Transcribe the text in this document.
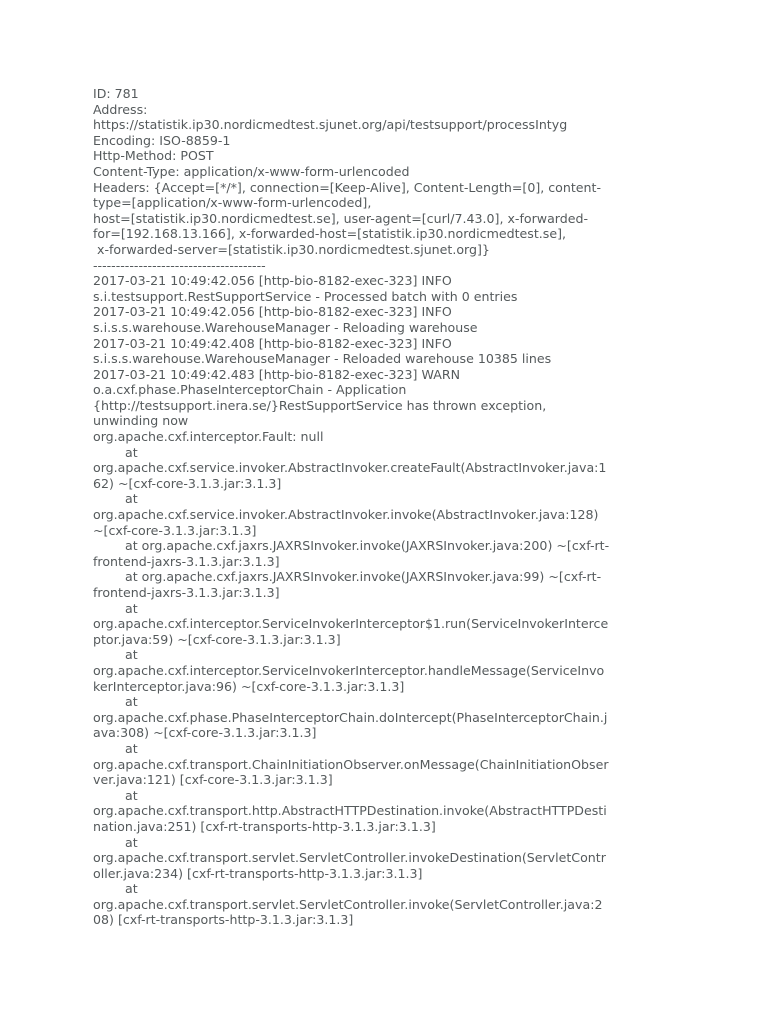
ID: 781
Address:
https://statistik.ip30.nordicmedtest.sjunet.org/api/testsupport/processIntyg
Encoding: ISO-8859-1
Http-Method: POST
Content-Type: application/x-www-form-urlencoded
Headers: {Accept=[*/*], connection=[Keep-Alive], Content-Length=[0], content-
type=[application/x-www-form-urlencoded],
host=[statistik.ip30.nordicmedtest.se], user-agent=[curl/7.43.0], x-forwarded-
for=[192.168.13.166], x-forwarded-host=[statistik.ip30.nordicmedtest.se],
x-forwarded-server=[statistik.ip30.nordicmedtest.sjunet.org]}
--------------------------------------
2017-03-21 10:49:42.056 [http-bio-8182-exec-323] INFO
s.i.testsupport.RestSupportService - Processed batch with 0 entries
2017-03-21 10:49:42.056 [http-bio-8182-exec-323] INFO
s.i.s.s.warehouse.WarehouseManager - Reloading warehouse
2017-03-21 10:49:42.408 [http-bio-8182-exec-323] INFO
s.i.s.s.warehouse.WarehouseManager - Reloaded warehouse 10385 lines
2017-03-21 10:49:42.483 [http-bio-8182-exec-323] WARN
o.a.cxf.phase.PhaseInterceptorChain - Application
{http://testsupport.inera.se/}RestSupportService has thrown exception,
unwinding now
org.apache.cxf.interceptor.Fault: null
at
org.apache.cxf.service.invoker.AbstractInvoker.createFault(AbstractInvoker.java:1
62) ~[cxf-core-3.1.3.jar:3.1.3]
at
org.apache.cxf.service.invoker.AbstractInvoker.invoke(AbstractInvoker.java:128)
~[cxf-core-3.1.3.jar:3.1.3]
at org.apache.cxf.jaxrs.JAXRSInvoker.invoke(JAXRSInvoker.java:200) ~[cxf-rt-
frontend-jaxrs-3.1.3.jar:3.1.3]
at org.apache.cxf.jaxrs.JAXRSInvoker.invoke(JAXRSInvoker.java:99) ~[cxf-rt-
frontend-jaxrs-3.1.3.jar:3.1.3]
at
org.apache.cxf.interceptor.ServiceInvokerInterceptor$1.run(ServiceInvokerInterce
ptor.java:59) ~[cxf-core-3.1.3.jar:3.1.3]
at
org.apache.cxf.interceptor.ServiceInvokerInterceptor.handleMessage(ServiceInvo
kerInterceptor.java:96) ~[cxf-core-3.1.3.jar:3.1.3]
at
org.apache.cxf.phase.PhaseInterceptorChain.doIntercept(PhaseInterceptorChain.j
ava:308) ~[cxf-core-3.1.3.jar:3.1.3]
at
org.apache.cxf.transport.ChainInitiationObserver.onMessage(ChainInitiationObser
ver.java:121) [cxf-core-3.1.3.jar:3.1.3]
at
org.apache.cxf.transport.http.AbstractHTTPDestination.invoke(AbstractHTTPDesti
nation.java:251) [cxf-rt-transports-http-3.1.3.jar:3.1.3]
at
org.apache.cxf.transport.servlet.ServletController.invokeDestination(ServletContr
oller.java:234) [cxf-rt-transports-http-3.1.3.jar:3.1.3]
at
org.apache.cxf.transport.servlet.ServletController.invoke(ServletController.java:2
08) [cxf-rt-transports-http-3.1.3.jar:3.1.3]
